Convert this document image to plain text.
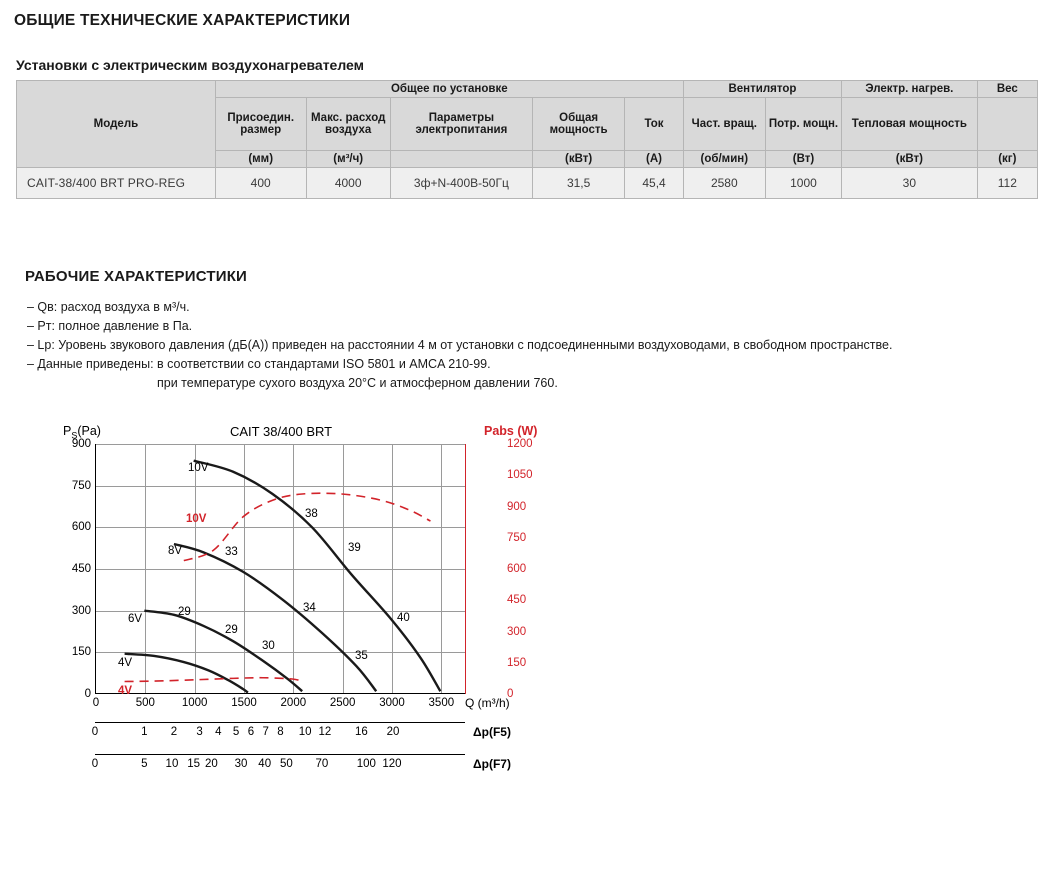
ОБЩИЕ ТЕХНИЧЕСКИЕ ХАРАКТЕРИСТИКИ
Установки с электрическим воздухонагревателем
Модель	Общее по установке					Вентилятор		Электр. нагрев.	Вес
	Присоедин. размер	Макс. расход воздуха	Параметры электропитания	Общая мощность	Ток	Част. вращ.	Потр. мощн.	Тепловая мощность	
	(мм)	(м³/ч)		(кВт)	(А)	(об/мин)	(Вт)	(кВт)	(кг)
CAIT-38/400 BRT PRO-REG	400	4000	3ф+N-400В-50Гц	31,5	45,4	2580	1000	30	112
РАБОЧИЕ ХАРАКТЕРИСТИКИ
– Qв: расход воздуха в м³/ч.
– Pт: полное давление в Па.
– Lp: Уровень звукового давления (дБ(А)) приведен на расстоянии 4 м от установки с подсоединенными воздуховодами, в свободном пространстве.
– Данные приведены: в соответствии со стандартами ISO 5801 и AMCA 210-99.
при температуре сухого воздуха 20°C и атмосферном давлении 760.
CAIT 38/400 BRT
$P_S(Pa)$	Pabs (W)
0
150
300
450
600
750
900
0
150
300
450
600
750
900
1050
1200
0	500 1000 1500 2000 2500 3000 3500 Q (m³/h)
0	1 2 3 4 5 6 7 8 10 12 16 20	Δp(F5)
0	5 10 15 20 30 40 50 70 100 120	Δp(F7)
10V
8V
6V
4V
10V
4V
38
33	39
29	34
40
29
30
35
